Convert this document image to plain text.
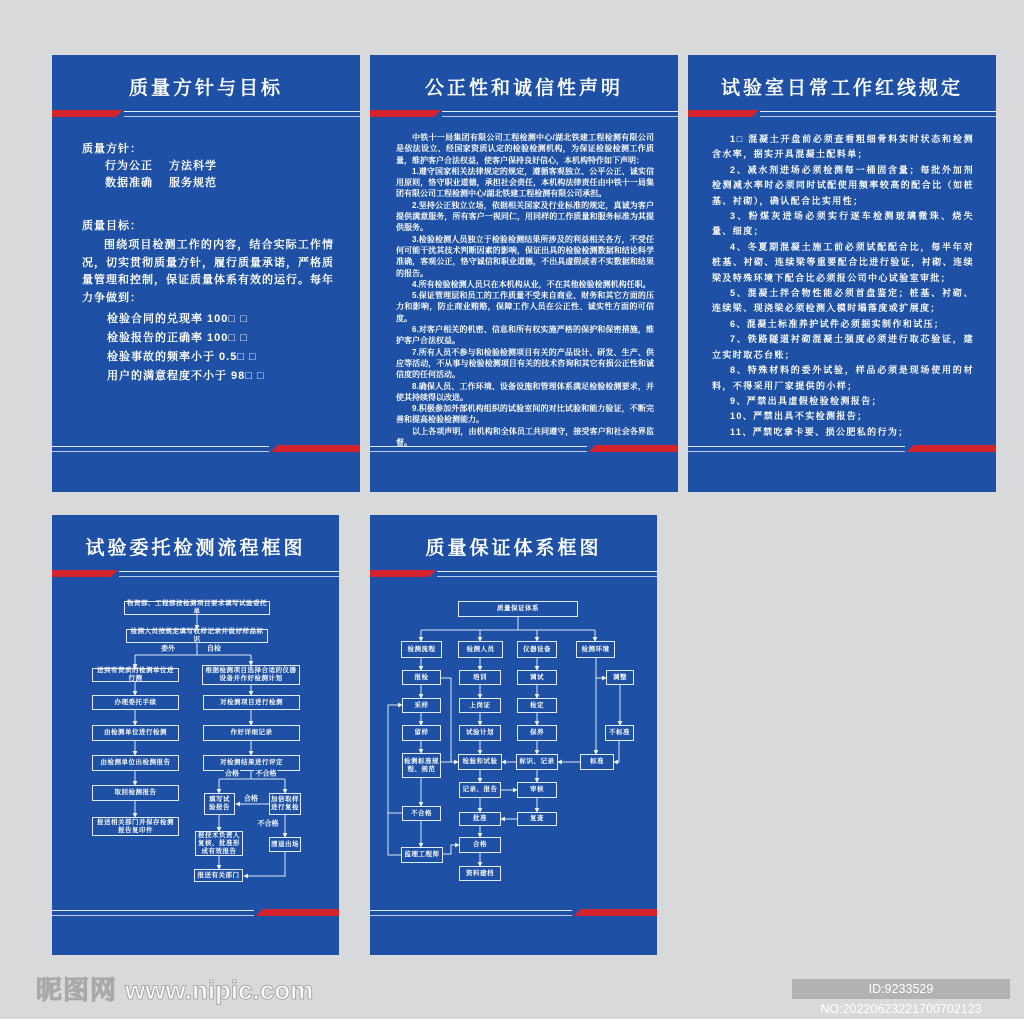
质量方针与目标

质量方针：

行为公正	方法科学
数据准确	服务规范

质量目标：

围绕项目检测工作的内容，结合实际工作情况，切实贯彻质量方针，履行质量承诺，严格质量管理和控制，保证质量体系有效的运行。每年力争做到：

检验合同的兑现率 100□ □
检验报告的正确率 100□ □
检验事故的频率小于 0.5□ □
用户的满意程度不小于 98□ □
公正性和诚信性声明

中铁十一局集团有限公司工程检测中心/湖北铁建工程检测有限公司是依法设立、经国家资质认定的检验检测机构，为保证检验检测工作质量，维护客户合法权益，使客户保持良好信心，本机构特作如下声明：

1.遵守国家相关法律规定的规定，遵循客观独立、公平公正、诚实信用原则，恪守职业道德，承担社会责任，本机构法律责任由中铁十一局集团有限公司工程检测中心/湖北铁建工程检测有限公司承担。

2.坚持公正独立立场，依据相关国家及行业标准的规定，真诚为客户提供满意服务，所有客户一视同仁，用同样的工作质量和服务标准为其提供服务。

3.检验检测人员独立于检验检测结果所涉及的利益相关各方，不受任何可能干扰其技术判断因素的影响，保证出具的检验检测数据和结论科学准确，客观公正，恪守诚信和职业道德，不出具虚假或者不实数据和结果的报告。

4.所有检验检测人员只在本机构从业，不在其他检验检测机构任职。

5.保证管理层和员工的工作质量不受来自商业、财务和其它方面的压力和影响，防止商业贿赂，保障工作人员在公正性、诚实性方面的可信度。

6.对客户相关的机密、信息和所有权实施严格的保护和保密措施，维护客户合法权益。

7.所有人员不参与和检验检测项目有关的产品设计、研发、生产、供应等活动，不从事与检验检测项目有关的技术咨询和其它有损公正性和诚信度的任何活动。

8.确保人员、工作环境、设备设施和管理体系满足检验检测要求，并使其持续得以改进。

9.积极参加外部机构组织的试验室间的对比试验和能力验证，不断完善和提高检验检测能力。

以上各项声明，由机构和全体员工共同遵守，接受客户和社会各界监督。

试验室日常工作红线规定

1□ 混凝土开盘前必须查看粗细骨料实时状态和检测含水率，据实开具混凝土配料单；

2、减水剂进场必须检测每一桶固含量；每批外加剂检测减水率时必须同时试配使用频率较高的配合比（如桩基、衬砌），确认配合比实用性；

3、粉煤灰进场必须实行逐车检测玻璃微珠、烧失量、细度；

4、冬夏期混凝土施工前必须试配配合比，每半年对桩基、衬砌、连续梁等重要配合比进行验证，衬砌、连续梁及特殊环境下配合比必须报公司中心试验室审批；

5、混凝土拌合物性能必须首盘鉴定；桩基、衬砌、连续梁、现浇梁必须检测入模时塌落度或扩展度；

6、混凝土标准养护试件必须据实制作和试压；

7、铁路隧道衬砌混凝土强度必须进行取芯验证，建立实时取芯台账；

8、特殊材料的委外试验，样品必须是现场使用的材料，不得采用厂家提供的小样；

9、严禁出具虚假检验检测报告；

10、严禁出具不实检测报告；

11、严禁吃拿卡要、损公肥私的行为；

试验委托检测流程框图
物资部、工程部按检测项目要求填写试验委托单
检测人员按规定填写收样记录并做好样品标识
送到有资质的检测单位进行测
办理委托手续
由检测单位进行检测
由检测单位出检测报告
取回检测报告
报送相关部门并保存检测报告复印件
根据检测项目选择合适的仪器设备并作好检测计划
对检测项目进行检测
作好详细记录
对检测结果进行评定
填写试验报告
加倍取样进行复检
报技术负责人复核、批准形成有效报告
清退出场
报送有关部门
委外	自检
合格 不合格
合格
不合格
质量保证体系框图
质量保证体系
检测流程	检测人员	仪器设备	检测环境
报检	培训	调试	调整
采样	上岗证	检定
留样	试验计划	保养	不标准
检测标准规程、规范
检验和试验	标识、记录	标准
记录、报告	审核
不合格
批准	复查
合格
监理工程师
资料建档
昵图网 www.nipic.com	ID:9233529 NO:20220623221700702123
